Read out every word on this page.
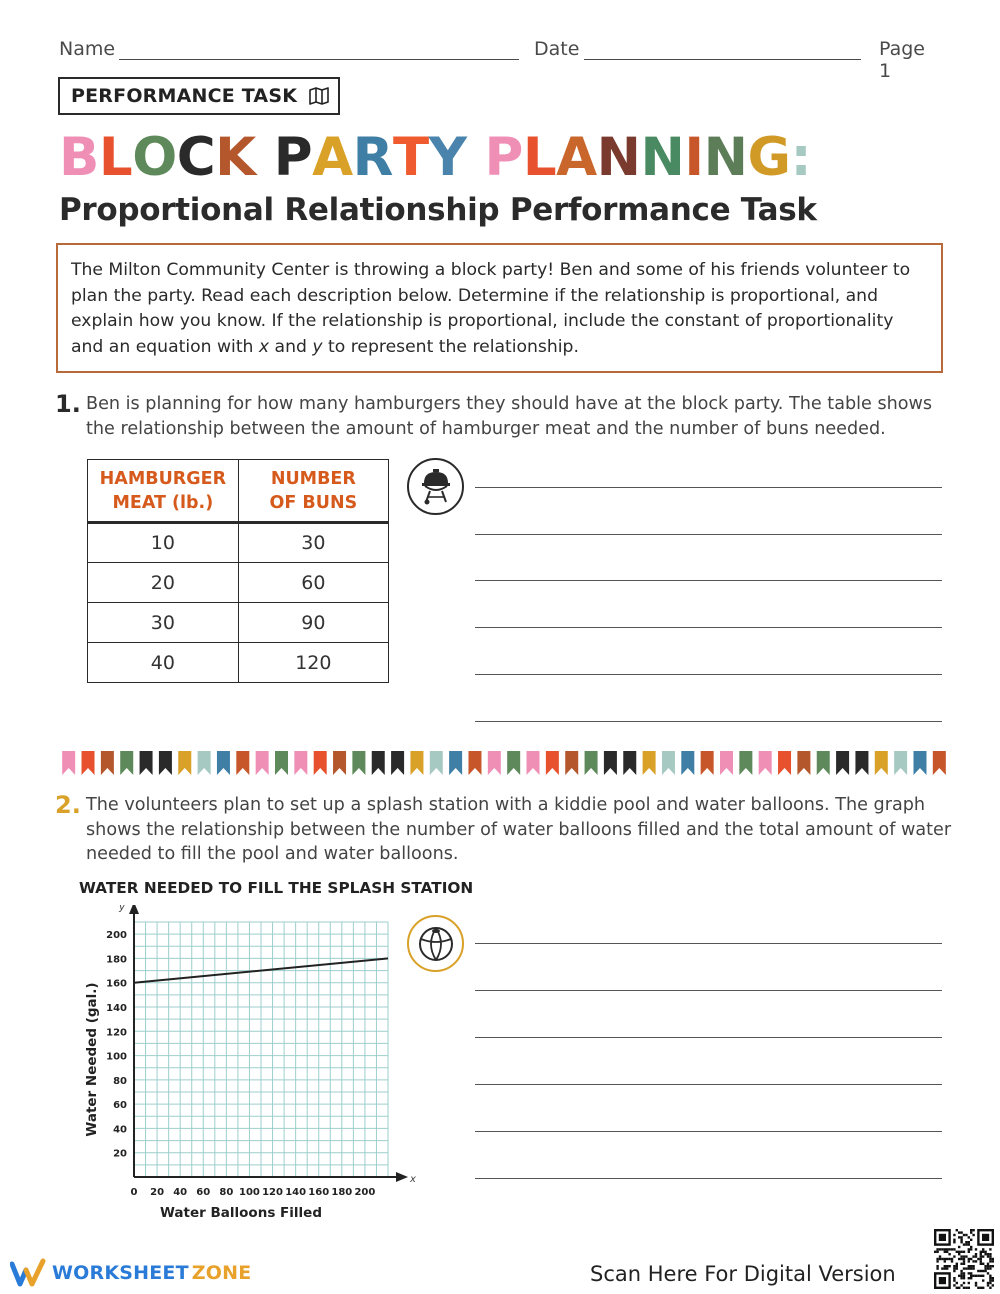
Name	Date	Page 1
PERFORMANCE TASK
BLOCK PARTY PLANNING:
Proportional Relationship Performance Task
The Milton Community Center is throwing a block party! Ben and some of his friends volunteer to plan the party. Read each description below. Determine if the relationship is proportional, and explain how you know. If the relationship is proportional, include the constant of proportionality and an equation with x and y to represent the relationship.
1. Ben is planning for how many hamburgers they should have at the block party. The table shows the relationship between the amount of hamburger meat and the number of buns needed.
HAMBURGER MEAT (lb.)	NUMBER OF BUNS

10	30
20	60
30	90
40	120
2. The volunteers plan to set up a splash station with a kiddie pool and water balloons. The graph shows the relationship between the number of water balloons filled and the total amount of water needed to fill the pool and water balloons.
WATER NEEDED TO FILL THE SPLASH STATION
y
x
0 20 40 60 80 100 120 140 160 180 200
20
40
60
80
100
120
140
160
180
200
Water Balloons Filled
Water Needed (gal.)
WORKSHEET ZONE	Scan Here For Digital Version
